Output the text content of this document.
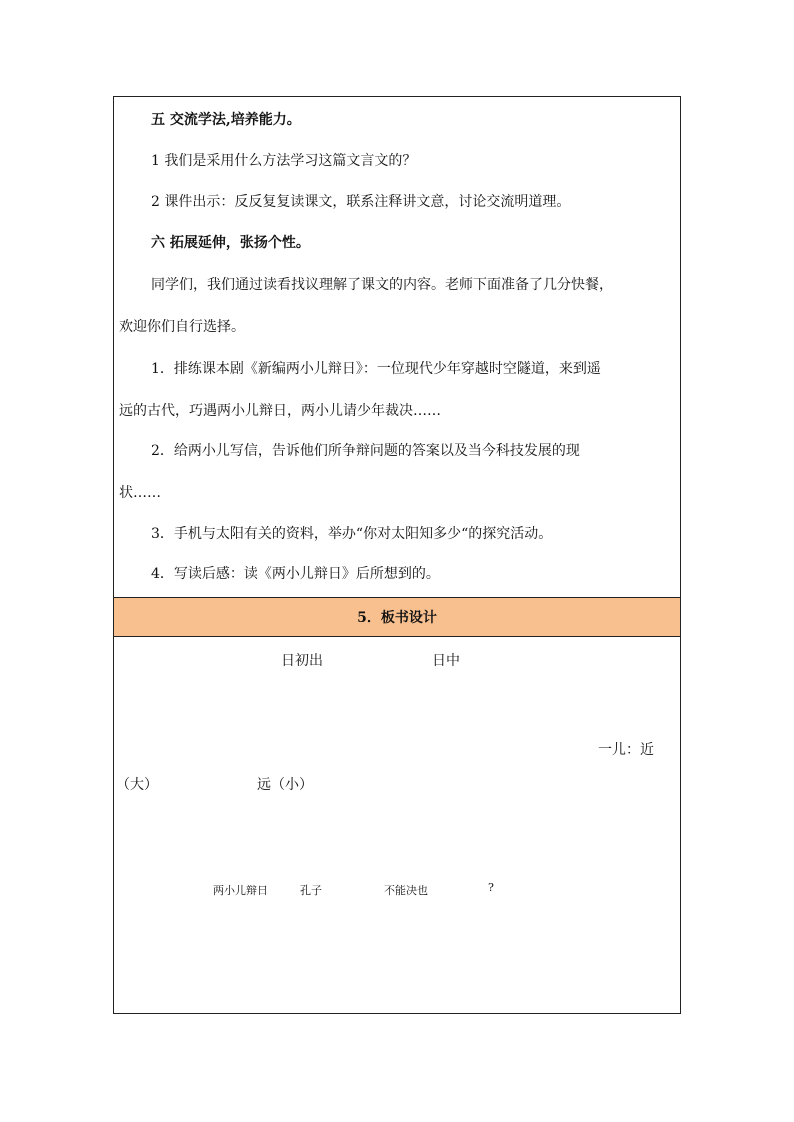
五 交流学法,培养能力。
1 我们是采用什么方法学习这篇文言文的？
2 课件出示：反反复复读课文，联系注释讲文意，讨论交流明道理。
六 拓展延伸，张扬个性。
同学们，我们通过读看找议理解了课文的内容。老师下面准备了几分快餐，
欢迎你们自行选择。
1．排练课本剧《新编两小儿辩日》：一位现代少年穿越时空隧道，来到遥
远的古代，巧遇两小儿辩日，两小儿请少年裁决……
2．给两小儿写信，告诉他们所争辩问题的答案以及当今科技发展的现
状……
3．手机与太阳有关的资料，举办“你对太阳知多少“的探究活动。
4．写读后感：读《两小儿辩日》后所想到的。
5．板书设计
日初出	日中
一儿：近
（大）	远（小）
两小儿辩日	孔子	不能决也	?
